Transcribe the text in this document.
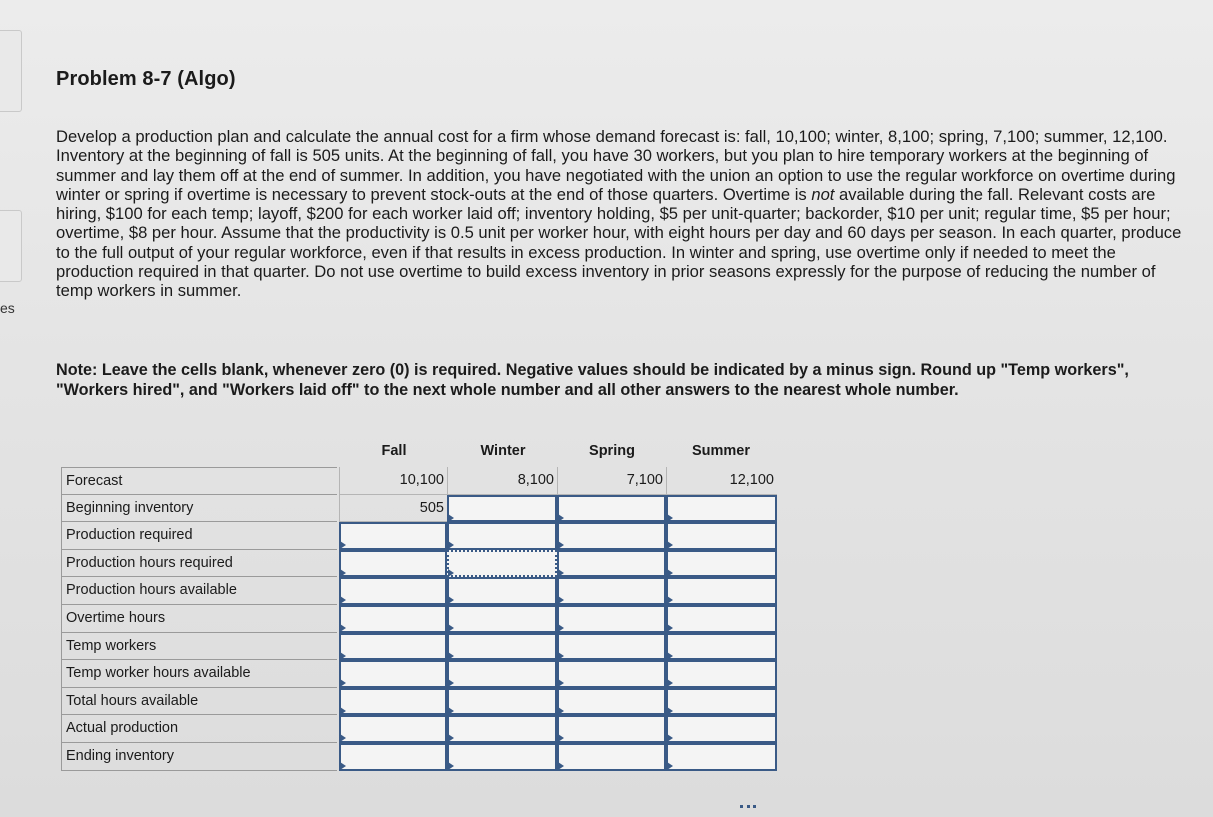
es
Problem 8-7 (Algo)

Develop a production plan and calculate the annual cost for a firm whose demand forecast is: fall, 10,100; winter, 8,100; spring, 7,100; summer, 12,100. Inventory at the beginning of fall is 505 units. At the beginning of fall, you have 30 workers, but you plan to hire temporary workers at the beginning of summer and lay them off at the end of summer. In addition, you have negotiated with the union an option to use the regular workforce on overtime during winter or spring if overtime is necessary to prevent stock-outs at the end of those quarters. Overtime is not available during the fall. Relevant costs are hiring, $100 for each temp; layoff, $200 for each worker laid off; inventory holding, $5 per unit-quarter; backorder, $10 per unit; regular time, $5 per hour; overtime, $8 per hour. Assume that the productivity is 0.5 unit per worker hour, with eight hours per day and 60 days per season. In each quarter, produce to the full output of your regular workforce, even if that results in excess production. In winter and spring, use overtime only if needed to meet the production required in that quarter. Do not use overtime to build excess inventory in prior seasons expressly for the purpose of reducing the number of temp workers in summer.

Note: Leave the cells blank, whenever zero (0) is required. Negative values should be indicated by a minus sign. Round up "Temp workers", "Workers hired", and "Workers laid off" to the next whole number and all other answers to the nearest whole number.

Fall	Winter	Spring	Summer
Forecast	10,100	8,100	7,100	12,100
Beginning inventory	505
Production required
Production hours required
Production hours available
Overtime hours
Temp workers
Temp worker hours available
Total hours available
Actual production
Ending inventory
